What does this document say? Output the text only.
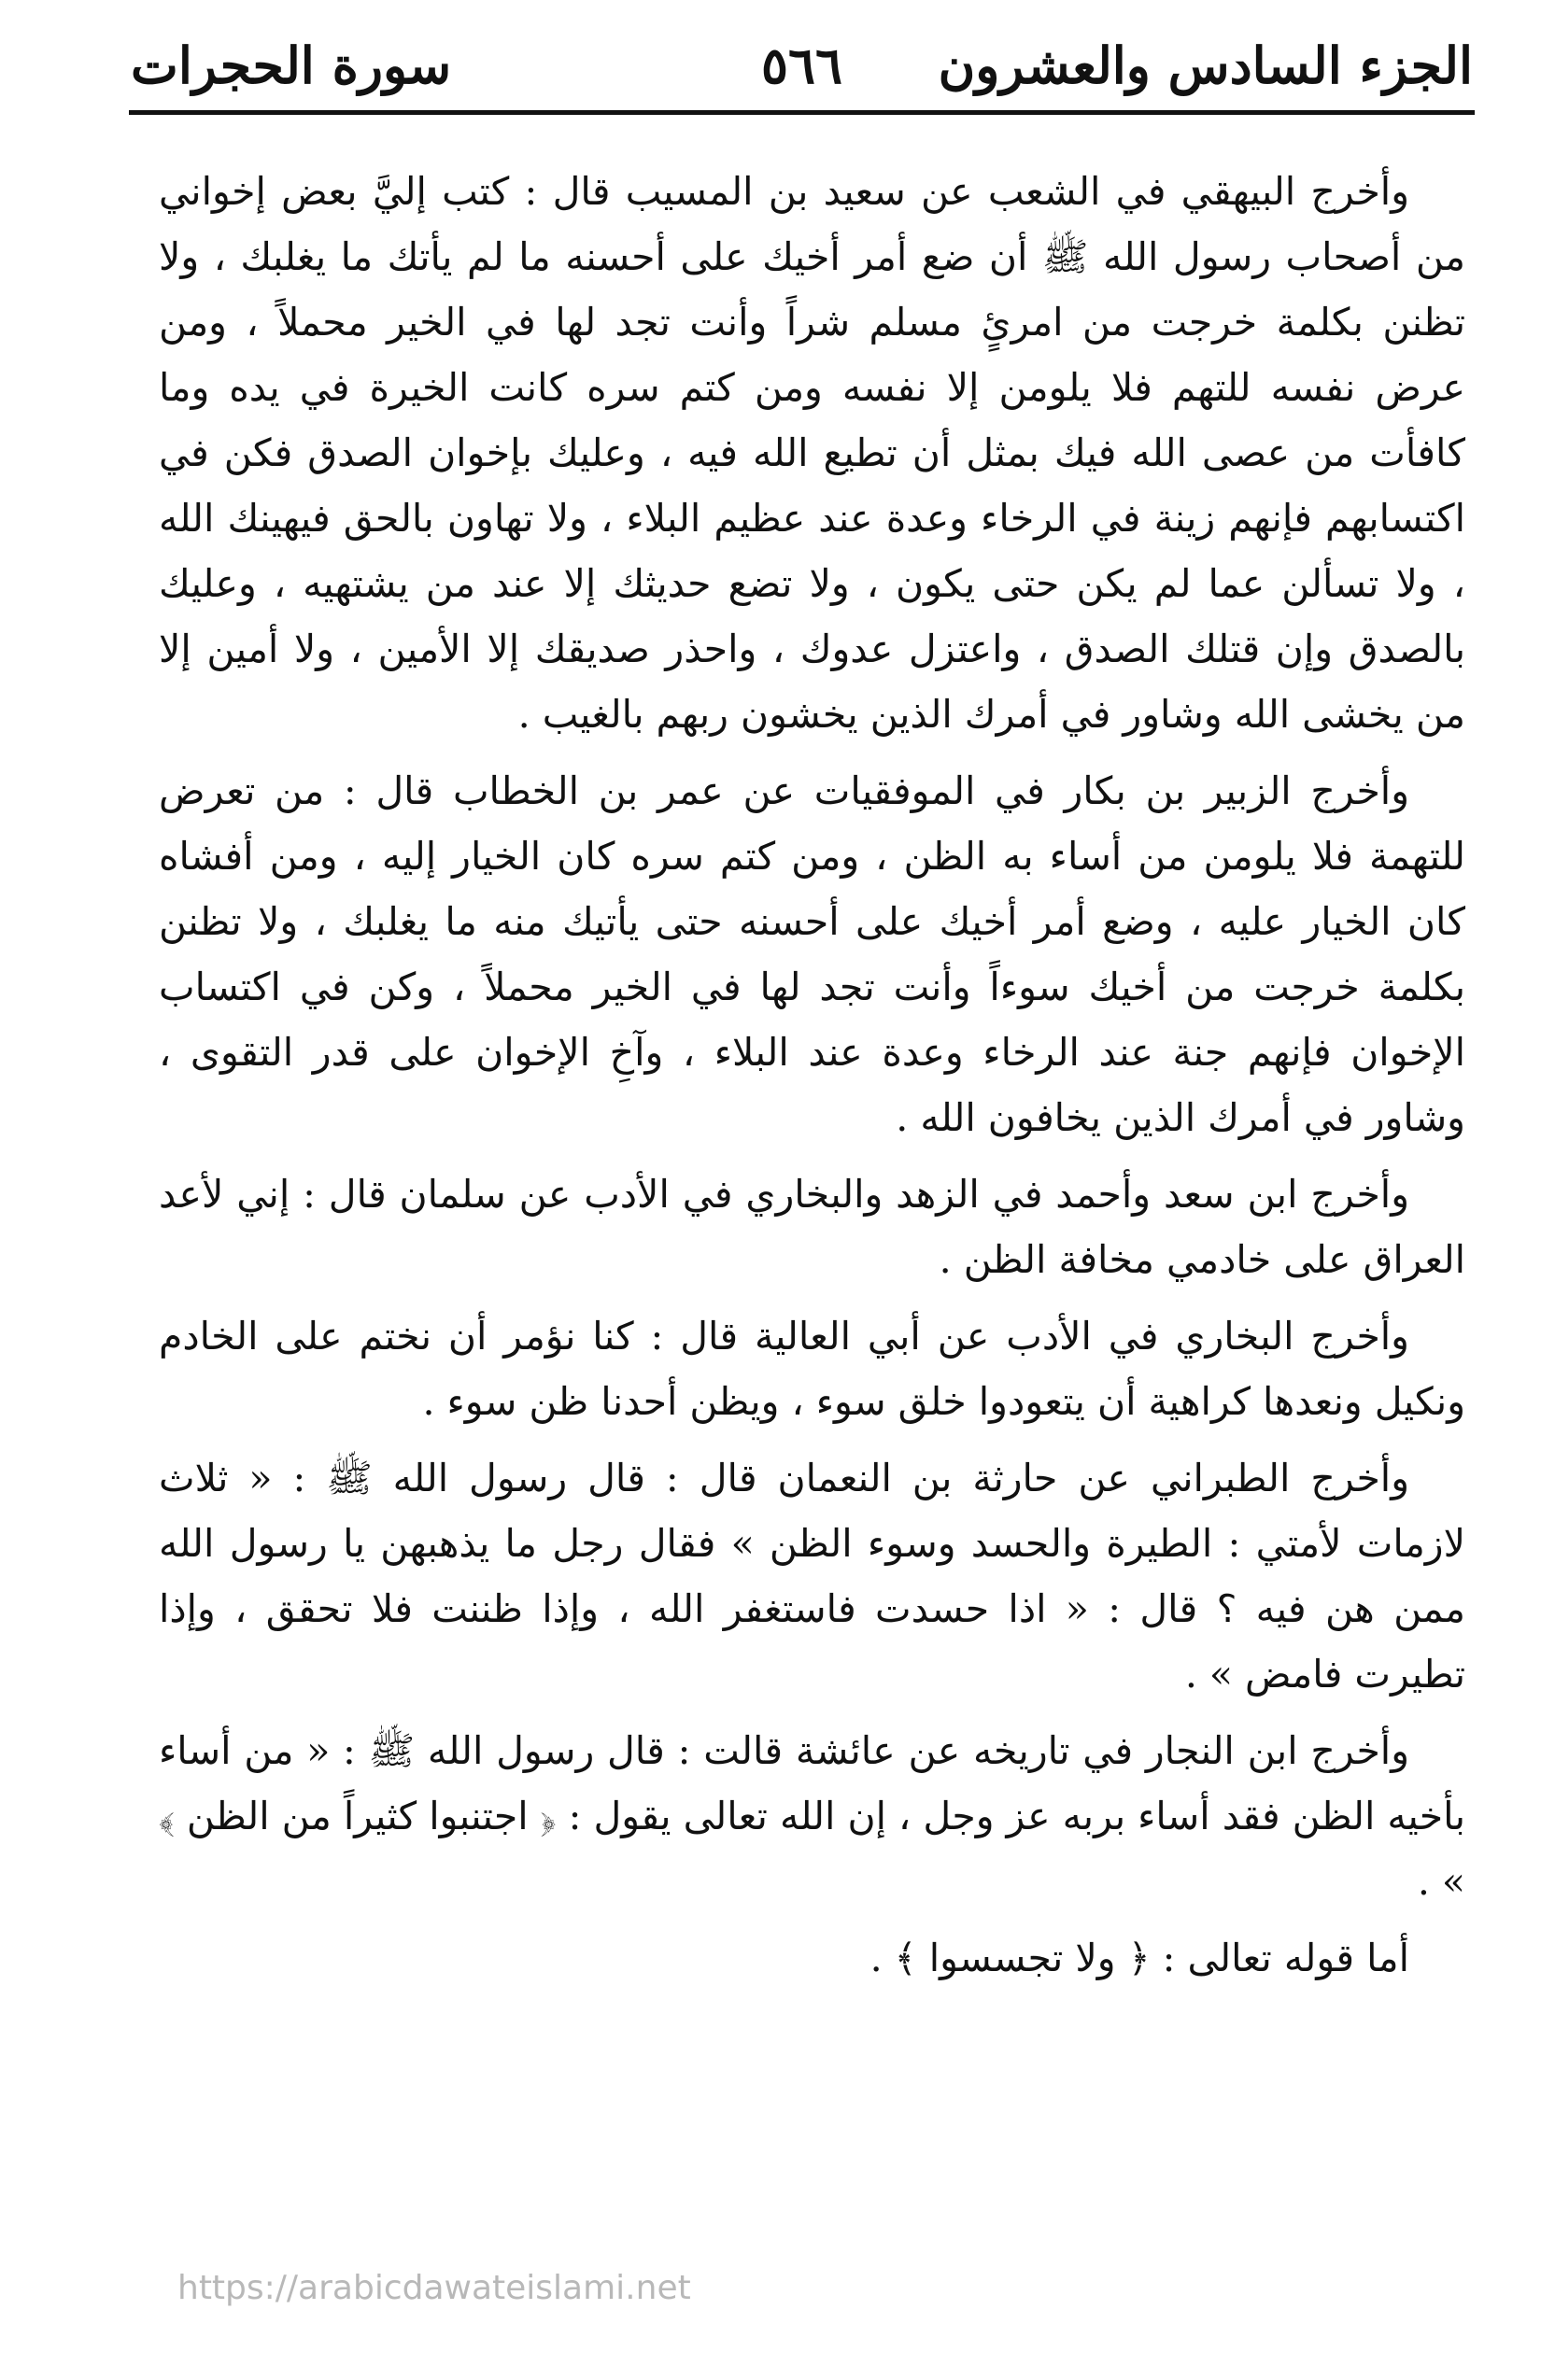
الجزء السادس والعشرون
٥٦٦
سورة الحجرات

وأخرج البيهقي في الشعب عن سعيد بن المسيب قال : كتب إليَّ بعض إخواني من أصحاب رسول الله ﷺ أن ضع أمر أخيك على أحسنه ما لم يأتك ما يغلبك ، ولا تظنن بكلمة خرجت من امرئٍ مسلم شراً وأنت تجد لها في الخير محملاً ، ومن عرض نفسه للتهم فلا يلومن إلا نفسه ومن كتم سره كانت الخيرة في يده وما كافأت من عصى الله فيك بمثل أن تطيع الله فيه ، وعليك بإخوان الصدق فكن في اكتسابهم فإنهم زينة في الرخاء وعدة عند عظيم البلاء ، ولا تهاون بالحق فيهينك الله ، ولا تسألن عما لم يكن حتى يكون ، ولا تضع حديثك إلا عند من يشتهيه ، وعليك بالصدق وإن قتلك الصدق ، واعتزل عدوك ، واحذر صديقك إلا الأمين ، ولا أمين إلا من يخشى الله وشاور في أمرك الذين يخشون ربهم بالغيب .

وأخرج الزبير بن بكار في الموفقيات عن عمر بن الخطاب قال : من تعرض للتهمة فلا يلومن من أساء به الظن ، ومن كتم سره كان الخيار إليه ، ومن أفشاه كان الخيار عليه ، وضع أمر أخيك على أحسنه حتى يأتيك منه ما يغلبك ، ولا تظنن بكلمة خرجت من أخيك سوءاً وأنت تجد لها في الخير محملاً ، وكن في اكتساب الإخوان فإنهم جنة عند الرخاء وعدة عند البلاء ، وآخِ الإخوان على قدر التقوى ، وشاور في أمرك الذين يخافون الله .

وأخرج ابن سعد وأحمد في الزهد والبخاري في الأدب عن سلمان قال : إني لأعد العراق على خادمي مخافة الظن .

وأخرج البخاري في الأدب عن أبي العالية قال : كنا نؤمر أن نختم على الخادم ونكيل ونعدها كراهية أن يتعودوا خلق سوء ، ويظن أحدنا ظن سوء .

وأخرج الطبراني عن حارثة بن النعمان قال : قال رسول الله ﷺ : « ثلاث لازمات لأمتي : الطيرة والحسد وسوء الظن » فقال رجل ما يذهبهن يا رسول الله ممن هن فيه ؟ قال : « اذا حسدت فاستغفر الله ، وإذا ظننت فلا تحقق ، وإذا تطيرت فامض » .

وأخرج ابن النجار في تاريخه عن عائشة قالت : قال رسول الله ﷺ : « من أساء بأخيه الظن فقد أساء بربه عز وجل ، إن الله تعالى يقول : ﴿ اجتنبوا كثيراً من الظن ﴾ » .

أما قوله تعالى : ﴿ ولا تجسسوا ﴾ .

https://arabicdawateislami.net
